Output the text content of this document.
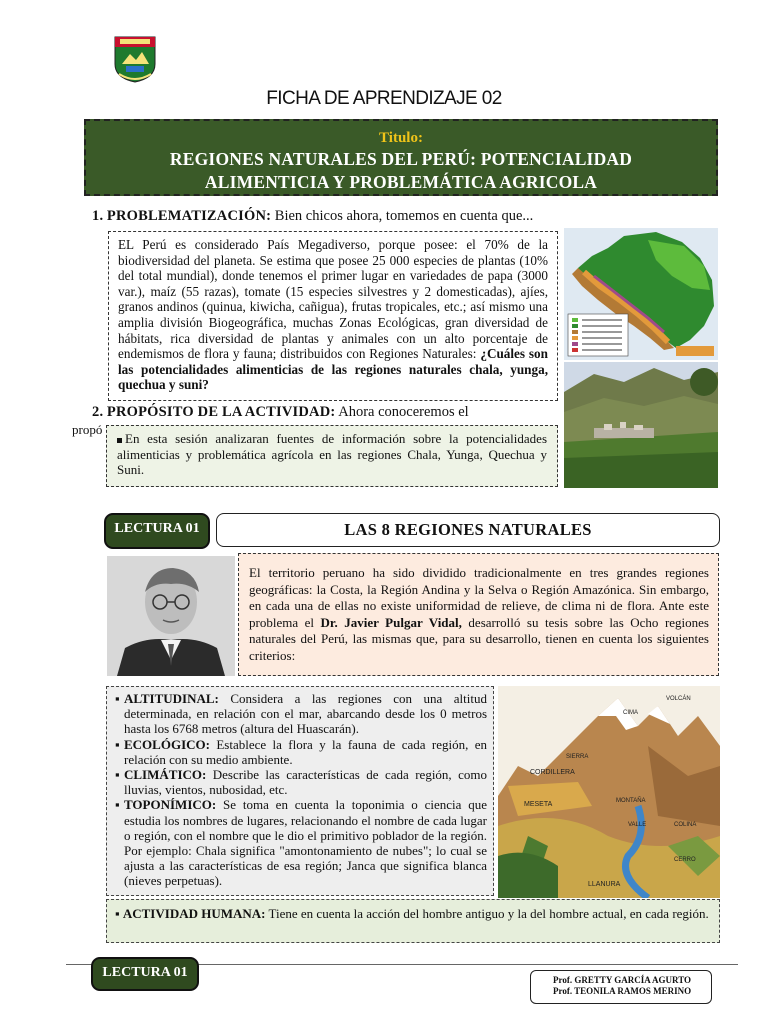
FICHA DE APRENDIZAJE 02
Titulo:
REGIONES NATURALES DEL PERÚ: POTENCIALIDAD
ALIMENTICIA Y PROBLEMÁTICA AGRICOLA
1. PROBLEMATIZACIÓN: Bien chicos ahora, tomemos en cuenta que...
EL Perú es considerado País Megadiverso, porque posee: el 70% de la biodiversidad del planeta. Se estima que posee 25 000 especies de plantas (10% del total mundial), donde tenemos el primer lugar en variedades de papa (3000 var.), maíz (55 razas), tomate (15 especies silvestres y 2 domesticadas), ajíes, granos andinos (quinua, kiwicha, cañigua), frutas tropicales, etc.; así mismo una amplia división Biogeográfica, muchas Zonas Ecológicas, gran diversidad de hábitats, rica diversidad de plantas y animales con un alto porcentaje de endemismos de flora y fauna; distribuidos con Regiones Naturales: ¿Cuáles son las potencialidades alimenticias de las regiones naturales chala, yunga, quechua y suni?
2. PROPÓSITO DE LA ACTIVIDAD: Ahora conoceremos el
propó
En esta sesión analizaran fuentes de información sobre la potencialidades alimenticias y problemática agrícola en las regiones Chala, Yunga, Quechua y Suni.
LECTURA 01	LAS 8 REGIONES NATURALES
El territorio peruano ha sido dividido tradicionalmente en tres grandes regiones geográficas: la Costa, la Región Andina y la Selva o Región Amazónica. Sin embargo, en cada una de ellas no existe uniformidad de relieve, de clima ni de flora. Ante este problema el Dr. Javier Pulgar Vidal, desarrolló su tesis sobre las Ocho regiones naturales del Perú, las mismas que, para su desarrollo, tienen en cuenta los siguientes criterios:
▪ ALTITUDINAL: Considera a las regiones con una altitud determinada, en relación con el mar, abarcando desde los 0 metros hasta los 6768 metros (altura del Huascarán).
▪ ECOLÓGICO: Establece la flora y la fauna de cada región, en relación con su medio ambiente.
▪ CLIMÁTICO: Describe las características de cada región, como lluvias, vientos, nubosidad, etc.
▪ TOPONÍMICO: Se toma en cuenta la toponimia o ciencia que estudia los nombres de lugares, relacionando el nombre de cada lugar o región, con el nombre que le dio el primitivo poblador de la región. Por ejemplo: Chala significa "amontonamiento de nubes"; lo cual se ajusta a las características de esa región; Janca que significa blanca (nieves perpetuas).
CIMA
VOLCÁN
SIERRA
CORDILLERA
MESETA	MONTAÑA
VALLE	COLINA
CERRO
LLANURA
▪ ACTIVIDAD HUMANA: Tiene en cuenta la acción del hombre antiguo y la del hombre actual, en cada región.
LECTURA 01	Prof. GRETTY GARCÍA AGURTO
Prof. TEONILA RAMOS MERINO
